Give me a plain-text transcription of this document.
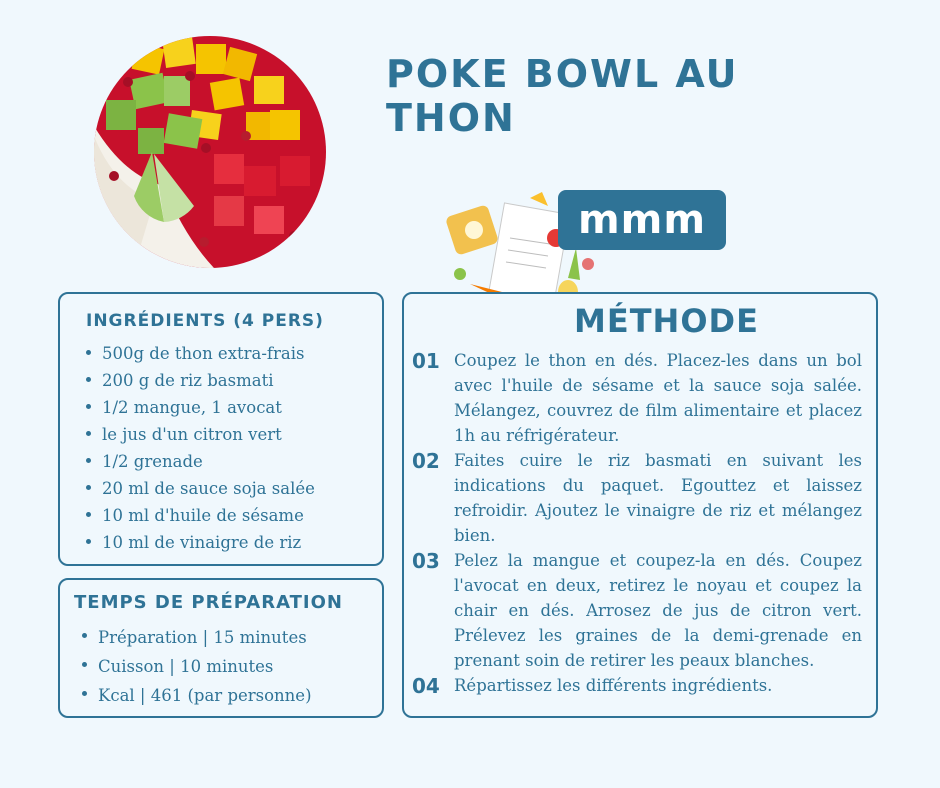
POKE BOWL AU THON
mmm
INGRÉDIENTS (4 PERS)
500g de thon extra-frais
200 g de riz basmati
1/2 mangue, 1 avocat
le jus d'un citron vert
1/2 grenade
20 ml de sauce soja salée
10 ml d'huile de sésame
10 ml de vinaigre de riz
TEMPS DE PRÉPARATION
Préparation | 15 minutes
Cuisson | 10 minutes
Kcal | 461 (par personne)
MÉTHODE
01 Coupez le thon en dés. Placez-les dans un bol avec l'huile de sésame et la sauce soja salée. Mélangez, couvrez de film alimentaire et placez 1h au réfrigérateur.
02 Faites cuire le riz basmati en suivant les indications du paquet. Egouttez et laissez refroidir. Ajoutez le vinaigre de riz et mélangez bien.
03 Pelez la mangue et coupez-la en dés. Coupez l'avocat en deux, retirez le noyau et coupez la chair en dés. Arrosez de jus de citron vert. Prélevez les graines de la demi-grenade en prenant soin de retirer les peaux blanches.
04 Répartissez les différents ingrédients.
